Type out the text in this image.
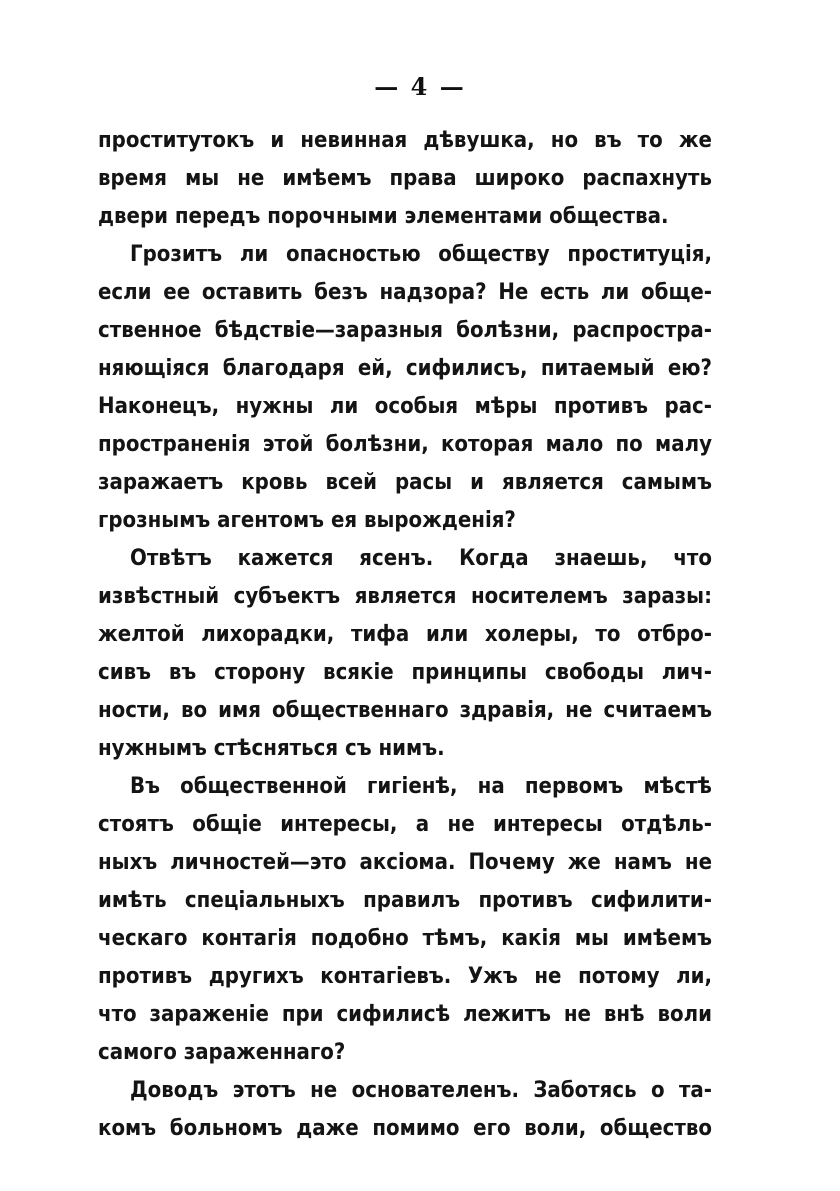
— 4 —
проститутокъ и невинная дѣвушка, но въ то же
время мы не имѣемъ права широко распахнуть
двери передъ порочными элементами общества.
Грозитъ ли опасностью обществу проституція,
если ее оставить безъ надзора? Не есть ли обще-
ственное бѣдствіе—заразныя болѣзни, распростра-
няющіяся благодаря ей, сифилисъ, питаемый ею?
Наконецъ, нужны ли особыя мѣры противъ рас-
пространенія этой болѣзни, которая мало по малу
заражаетъ кровь всей расы и является самымъ
грознымъ агентомъ ея вырожденія?
Отвѣтъ кажется ясенъ. Когда знаешь, что
извѣстный субъектъ является носителемъ заразы:
желтой лихорадки, тифа или холеры, то отбро-
сивъ въ сторону всякіе принципы свободы лич-
ности, во имя общественнаго здравія, не считаемъ
нужнымъ стѣсняться съ нимъ.
Въ общественной гигіенѣ, на первомъ мѣстѣ
стоятъ общіе интересы, а не интересы отдѣль-
ныхъ личностей—это аксіома. Почему же намъ не
имѣть спеціальныхъ правилъ противъ сифилити-
ческаго контагія подобно тѣмъ, какія мы имѣемъ
противъ другихъ контагіевъ. Ужъ не потому ли,
что зараженіе при сифилисѣ лежитъ не внѣ воли
самого зараженнаго?
Доводъ этотъ не основателенъ. Заботясь о та-
комъ больномъ даже помимо его воли, общество
